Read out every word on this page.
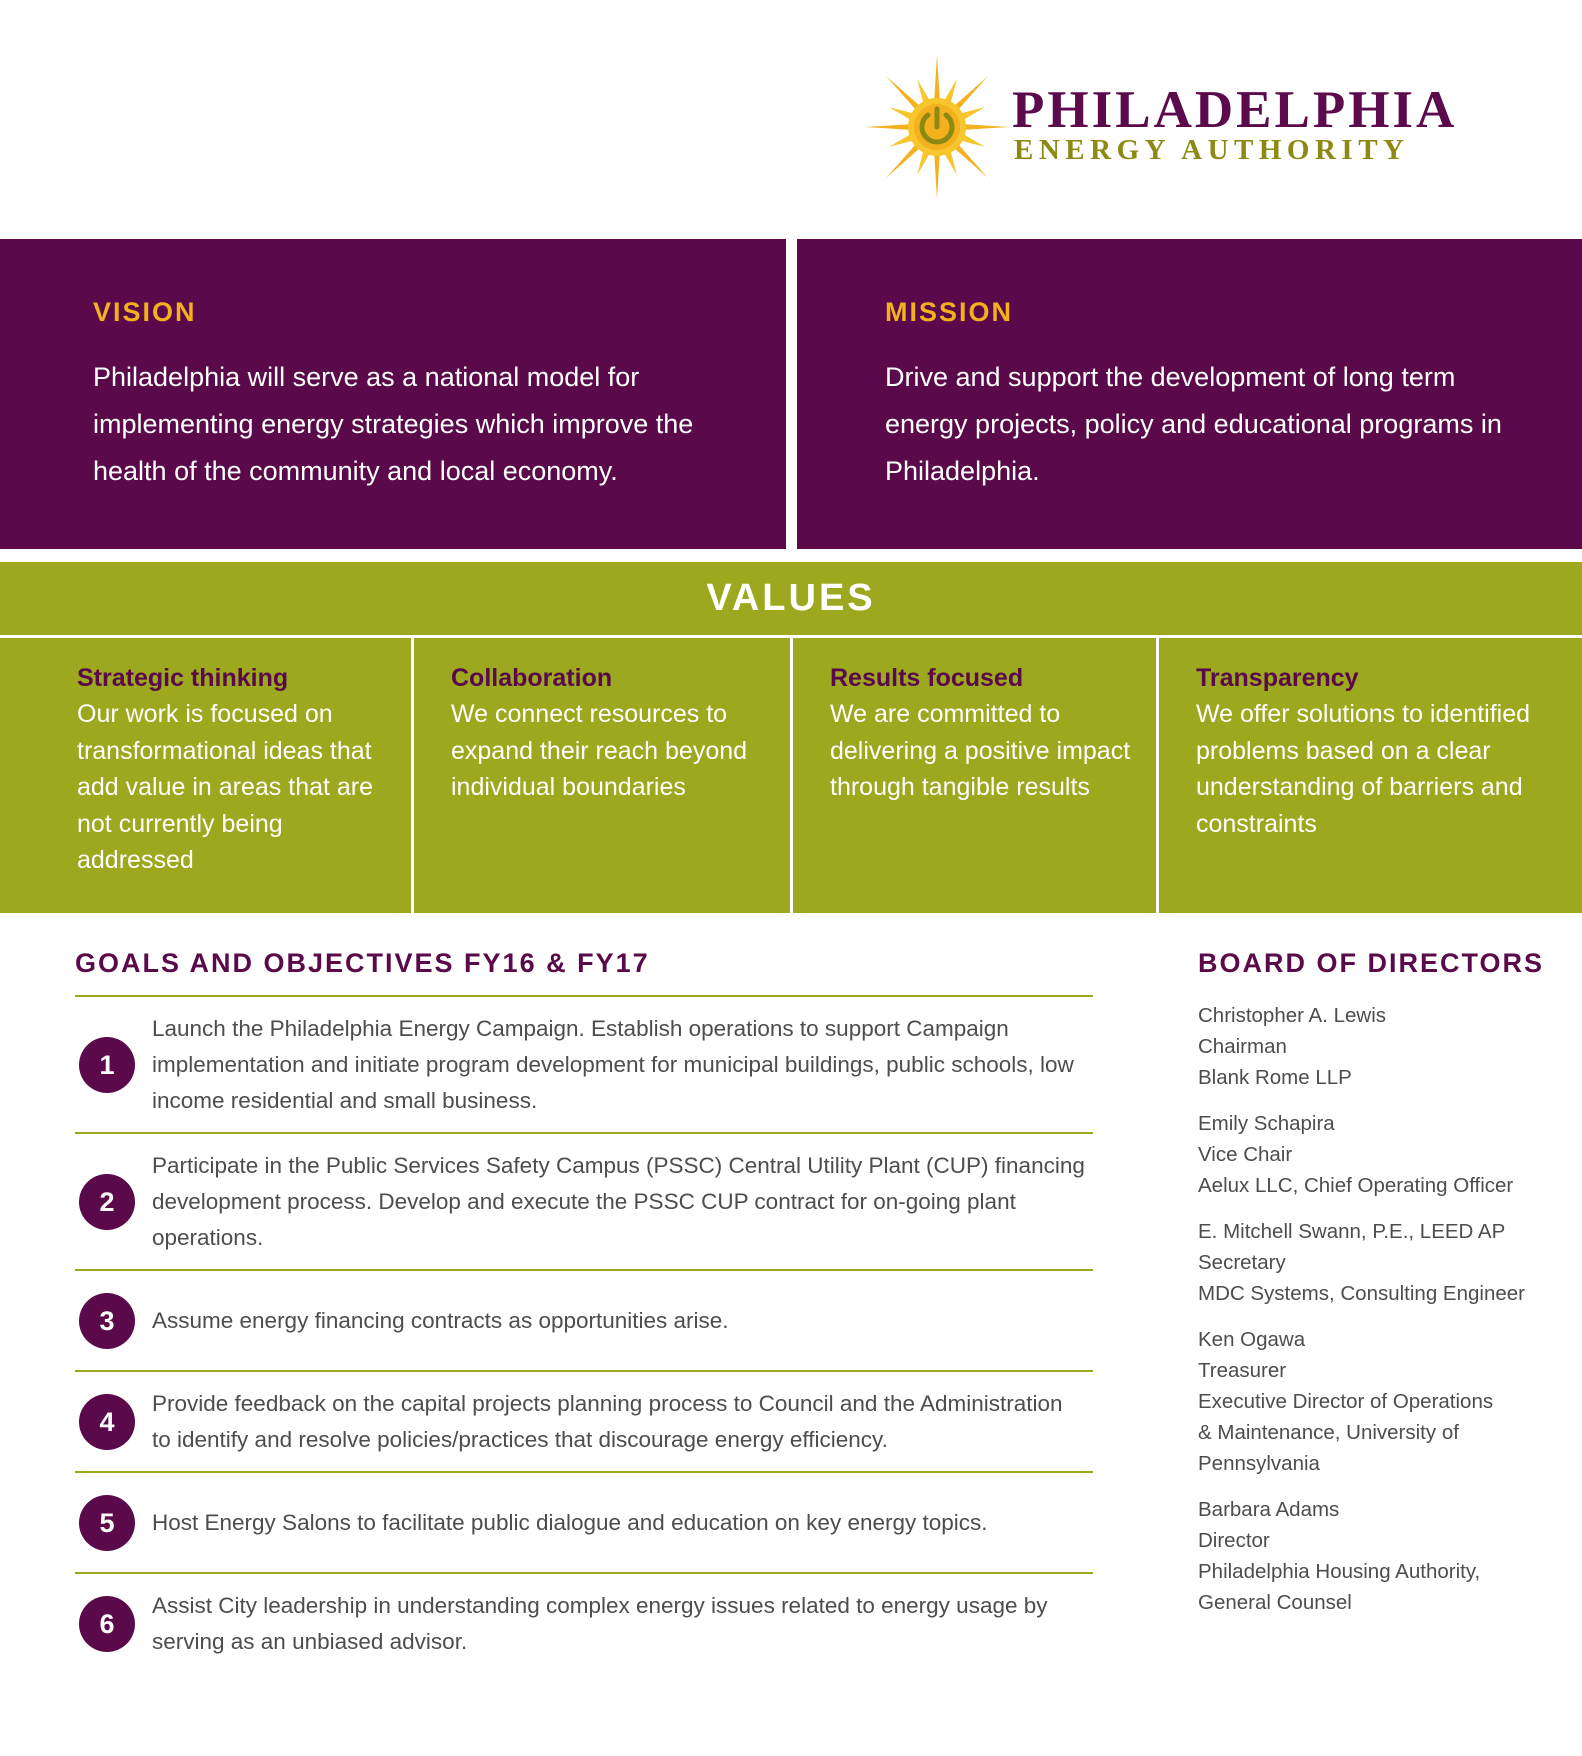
PHILADELPHIA
ENERGY AUTHORITY
VISION

Philadelphia will serve as a national model for implementing energy strategies which improve the health of the community and local economy.

MISSION

Drive and support the development of long term energy projects, policy and educational programs in Philadelphia.

VALUES
Strategic thinking
Our work is focused on transformational ideas that add value in areas that are not currently being addressed
Collaboration
We connect resources to expand their reach beyond individual boundaries
Results focused
We are committed to delivering a positive impact through tangible results
Transparency
We offer solutions to identified problems based on a clear understanding of barriers and constraints
GOALS AND OBJECTIVES FY16 & FY17
1
Launch the Philadelphia Energy Campaign. Establish operations to support Campaign implementation and initiate program development for municipal buildings, public schools, low income residential and small business.
2
Participate in the Public Services Safety Campus (PSSC) Central Utility Plant (CUP) financing development process. Develop and execute the PSSC CUP contract for on-going plant operations.
3	Assume energy financing contracts as opportunities arise.
4
Provide feedback on the capital projects planning process to Council and the Administration to identify and resolve policies/practices that discourage energy efficiency.
5	Host Energy Salons to facilitate public dialogue and education on key energy topics.
6
Assist City leadership in understanding complex energy issues related to energy usage by serving as an unbiased advisor.
BOARD OF DIRECTORS
Christopher A. Lewis
Chairman
Blank Rome LLP
Emily Schapira
Vice Chair
Aelux LLC, Chief Operating Officer
E. Mitchell Swann, P.E., LEED AP
Secretary
MDC Systems, Consulting Engineer
Ken Ogawa
Treasurer
Executive Director of Operations
& Maintenance, University of
Pennsylvania
Barbara Adams
Director
Philadelphia Housing Authority,
General Counsel
